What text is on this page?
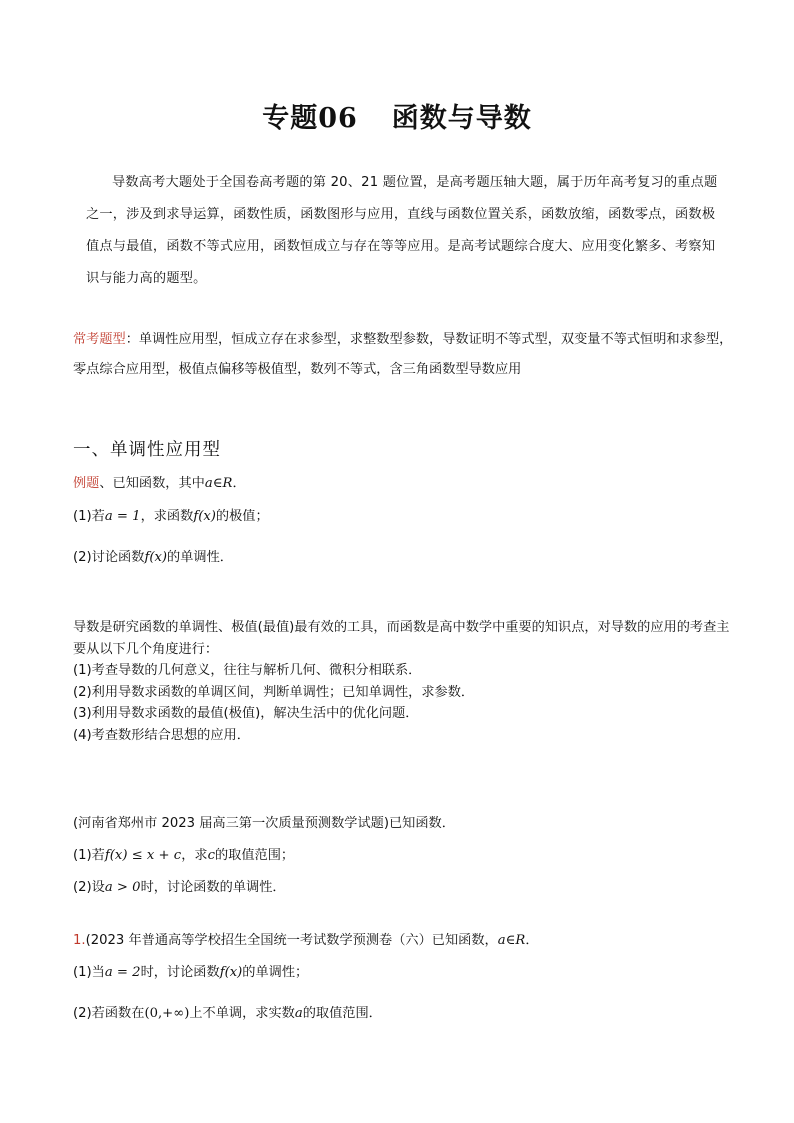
专题06 函数与导数
导数高考大题处于全国卷高考题的第 20、21 题位置，是高考题压轴大题，属于历年高考复习的重点题之一，涉及到求导运算，函数性质，函数图形与应用，直线与函数位置关系，函数放缩，函数零点，函数极值点与最值，函数不等式应用，函数恒成立与存在等等应用。是高考试题综合度大、应用变化繁多、考察知识与能力高的题型。
常考题型：单调性应用型，恒成立存在求参型，求整数型参数，导数证明不等式型，双变量不等式恒明和求参型，零点综合应用型，极值点偏移等极值型，数列不等式，含三角函数型导数应用
一、单调性应用型
例题、已知函数，其中a∈R．
(1)若a = 1，求函数f(x)的极值；
(2)讨论函数f(x)的单调性．
导数是研究函数的单调性、极值(最值)最有效的工具，而函数是高中数学中重要的知识点，对导数的应用的考查主要从以下几个角度进行：
(1)考查导数的几何意义，往往与解析几何、微积分相联系．
(2)利用导数求函数的单调区间，判断单调性；已知单调性，求参数．
(3)利用导数求函数的最值(极值)，解决生活中的优化问题．
(4)考查数形结合思想的应用．
(河南省郑州市 2023 届高三第一次质量预测数学试题)已知函数．
(1)若f(x) ≤ x + c，求c的取值范围；
(2)设a > 0时，讨论函数的单调性．
1.(2023 年普通高等学校招生全国统一考试数学预测卷（六）已知函数，a∈R．
(1)当a = 2时，讨论函数f(x)的单调性；
(2)若函数在(0,+∞)上不单调，求实数a的取值范围．
